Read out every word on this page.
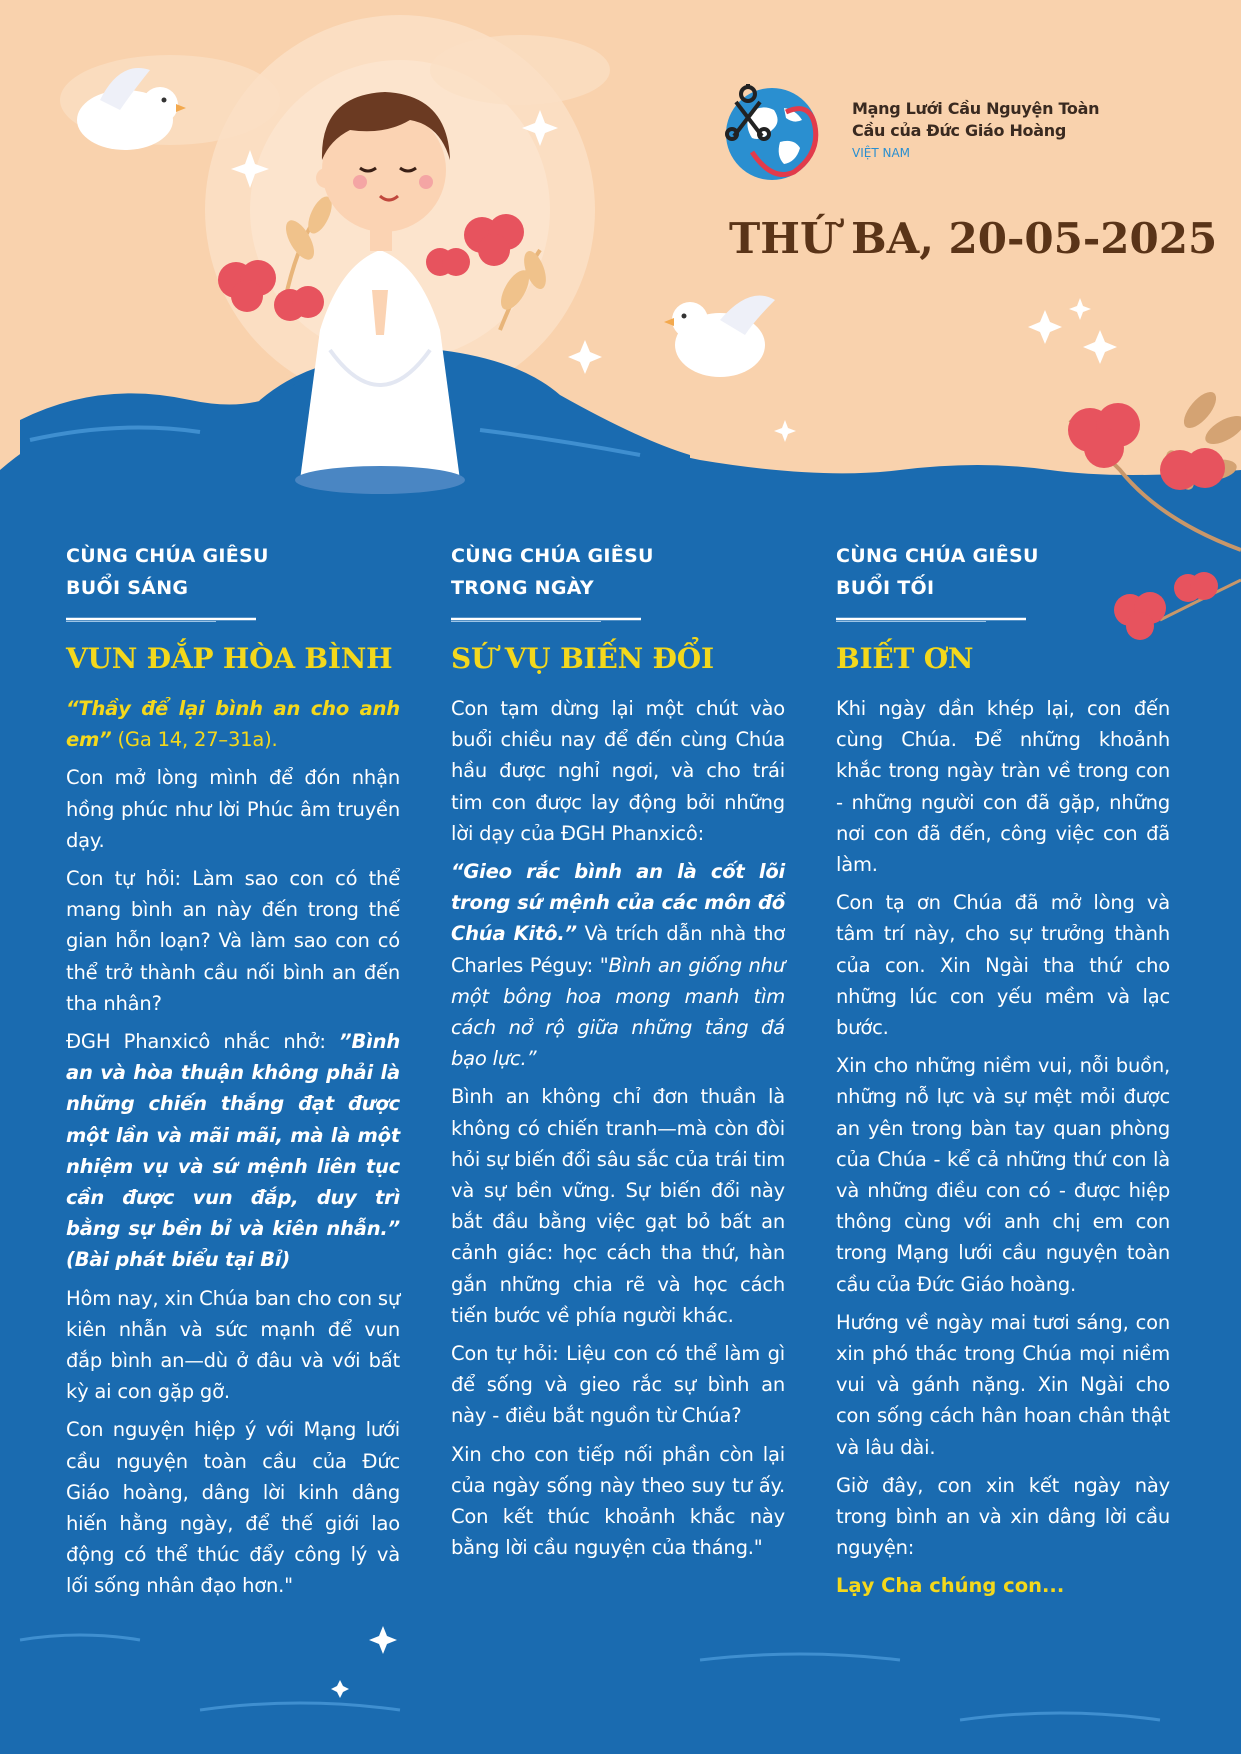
Mạng Lưới Cầu Nguyện Toàn Cầu của Đức Giáo Hoàng
VIỆT NAM
THỨ BA, 20-05-2025
CÙNG CHÚA GIÊSU
BUỔI SÁNG
VUN ĐẮP HÒA BÌNH

“Thầy để lại bình an cho anh em” (Ga 14, 27–31a).

Con mở lòng mình để đón nhận hồng phúc như lời Phúc âm truyền dạy.

Con tự hỏi: Làm sao con có thể mang bình an này đến trong thế gian hỗn loạn? Và làm sao con có thể trở thành cầu nối bình an đến tha nhân?

ĐGH Phanxicô nhắc nhở: ”Bình an và hòa thuận không phải là những chiến thắng đạt được một lần và mãi mãi, mà là một nhiệm vụ và sứ mệnh liên tục cần được vun đắp, duy trì bằng sự bền bỉ và kiên nhẫn.” (Bài phát biểu tại Bỉ)

Hôm nay, xin Chúa ban cho con sự kiên nhẫn và sức mạnh để vun đắp bình an—dù ở đâu và với bất kỳ ai con gặp gỡ.

Con nguyện hiệp ý với Mạng lưới cầu nguyện toàn cầu của Đức Giáo hoàng, dâng lời kinh dâng hiến hằng ngày, để thế giới lao động có thể thúc đẩy công lý và lối sống nhân đạo hơn."

CÙNG CHÚA GIÊSU
TRONG NGÀY
SỨ VỤ BIẾN ĐỔI

Con tạm dừng lại một chút vào buổi chiều nay để đến cùng Chúa hầu được nghỉ ngơi, và cho trái tim con được lay động bởi những lời dạy của ĐGH Phanxicô:

“Gieo rắc bình an là cốt lõi trong sứ mệnh của các môn đồ Chúa Kitô.” Và trích dẫn nhà thơ Charles Péguy: "Bình an giống như một bông hoa mong manh tìm cách nở rộ giữa những tảng đá bạo lực.”

Bình an không chỉ đơn thuần là không có chiến tranh—mà còn đòi hỏi sự biến đổi sâu sắc của trái tim và sự bền vững. Sự biến đổi này bắt đầu bằng việc gạt bỏ bất an cảnh giác: học cách tha thứ, hàn gắn những chia rẽ và học cách tiến bước về phía người khác.

Con tự hỏi: Liệu con có thể làm gì để sống và gieo rắc sự bình an này - điều bắt nguồn từ Chúa?

Xin cho con tiếp nối phần còn lại của ngày sống này theo suy tư ấy. Con kết thúc khoảnh khắc này bằng lời cầu nguyện của tháng."

CÙNG CHÚA GIÊSU
BUỔI TỐI
BIẾT ƠN

Khi ngày dần khép lại, con đến cùng Chúa. Để những khoảnh khắc trong ngày tràn về trong con - những người con đã gặp, những nơi con đã đến, công việc con đã làm.

Con tạ ơn Chúa đã mở lòng và tâm trí này, cho sự trưởng thành của con. Xin Ngài tha thứ cho những lúc con yếu mềm và lạc bước.

Xin cho những niềm vui, nỗi buồn, những nỗ lực và sự mệt mỏi được an yên trong bàn tay quan phòng của Chúa - kể cả những thứ con là và những điều con có - được hiệp thông cùng với anh chị em con trong Mạng lưới cầu nguyện toàn cầu của Đức Giáo hoàng.

Hướng về ngày mai tươi sáng, con xin phó thác trong Chúa mọi niềm vui và gánh nặng. Xin Ngài cho con sống cách hân hoan chân thật và lâu dài.

Giờ đây, con xin kết ngày này trong bình an và xin dâng lời cầu nguyện:

Lạy Cha chúng con...
